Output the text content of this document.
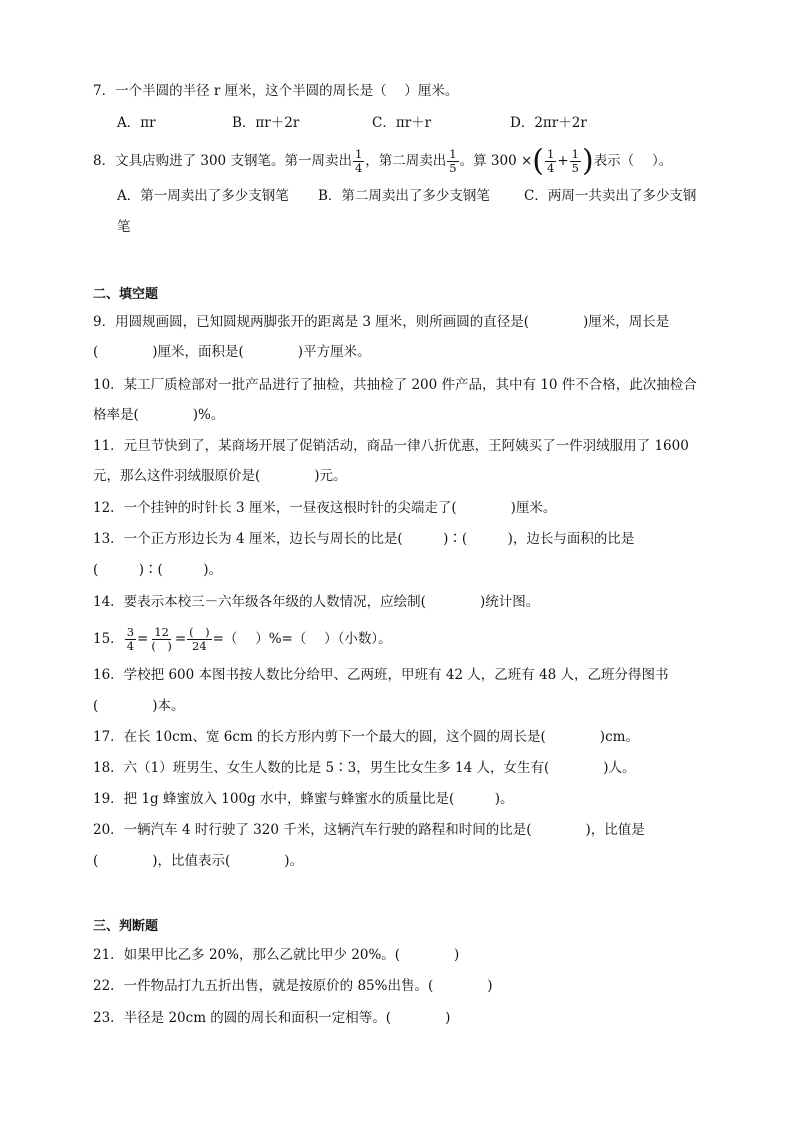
7．一个半圆的半径 r 厘米，这个半圆的周长是（　 ）厘米。
A．πr	B．πr＋2r	C．πr＋r	D．2πr＋2r
8．文具店购进了 300 支钢笔。第一周卖出 $\frac{1}{4}$ ，第二周卖出 $\frac{1}{5}$ 。算 300 ×( $\frac{1}{4} + \frac{1}{5}$ )表示（　 ）。
A．第一周卖出了多少支钢笔 B．第二周卖出了多少支钢笔	C．两周一共卖出了多少支钢
笔
二、填空题
9．用圆规画圆，已知圆规两脚张开的距离是 3 厘米，则所画圆的直径是(　　　　)厘米，周长是
(　　　　)厘米，面积是(　　　　)平方厘米。
10．某工厂质检部对一批产品进行了抽检，共抽检了 200 件产品，其中有 10 件不合格，此次抽检合
格率是(　　　　)%。
11．元旦节快到了，某商场开展了促销活动，商品一律八折优惠，王阿姨买了一件羽绒服用了 1600
元，那么这件羽绒服原价是(　　　　)元。
12．一个挂钟的时针长 3 厘米，一昼夜这根时针的尖端走了(　　　　)厘米。
13．一个正方形边长为 4 厘米，边长与周长的比是(　　　)∶(　　　)，边长与面积的比是
(　　　)∶(　　　)。
14．要表示本校三－六年级各年级的人数情况，应绘制(　　　　)统计图。
15． $\frac{3}{4} = \frac{12}{( )} = \frac{( )}{24}$ =（　 ）%=（　 ）（小数）。
16．学校把 600 本图书按人数比分给甲、乙两班，甲班有 42 人，乙班有 48 人，乙班分得图书
(　　　　)本。
17．在长 10cm、宽 6cm 的长方形内剪下一个最大的圆，这个圆的周长是(　　　　)cm。
18．六（1）班男生、女生人数的比是 5∶3，男生比女生多 14 人，女生有(　　　　)人。
19．把 1g 蜂蜜放入 100g 水中，蜂蜜与蜂蜜水的质量比是(　　　)。
20．一辆汽车 4 时行驶了 320 千米，这辆汽车行驶的路程和时间的比是(　　　　)，比值是
(　　　　)，比值表示(　　　　)。
三、判断题
21．如果甲比乙多 20%，那么乙就比甲少 20%。(　　　　)
22．一件物品打九五折出售，就是按原价的 85%出售。(　　　　)
23．半径是 20cm 的圆的周长和面积一定相等。(　　　　)
